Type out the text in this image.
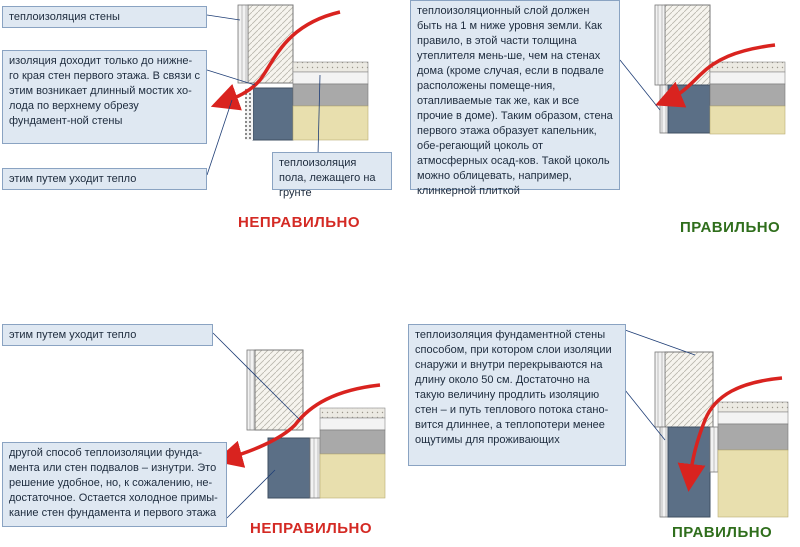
теплоизоляция стены
изоляция доходит только до нижне-го края стен первого этажа. В связи с этим возникает длинный мостик хо-лода по верхнему обрезу фундамент-ной стены
этим путем уходит тепло
теплоизоляция пола, лежащего на грунте
НЕПРАВИЛЬНО
теплоизоляционный слой должен быть на 1 м ниже уровня земли. Как правило, в этой части толщина утеплителя мень-ше, чем на стенах дома (кроме случая, если в подвале расположены помеще-ния, отапливаемые так же, как и все прочие в доме). Таким образом, стена первого этажа образует капельник, обе-регающий цоколь от атмосферных осад-ков. Такой цоколь можно облицевать, например, клинкерной плиткой
ПРАВИЛЬНО
этим путем уходит тепло
другой способ теплоизоляции фунда-мента или стен подвалов – изнутри. Это решение удобное, но, к сожалению, не-достаточное. Остается холодное примы-кание стен фундамента и первого этажа
НЕПРАВИЛЬНО
теплоизоляция фундаментной стены способом, при котором слои изоляции снаружи и внутри перекрываются на длину около 50 см. Достаточно на такую величину продлить изоляцию стен – и путь теплового потока стано-вится длиннее, а теплопотери менее ощутимы для проживающих
ПРАВИЛЬНО
